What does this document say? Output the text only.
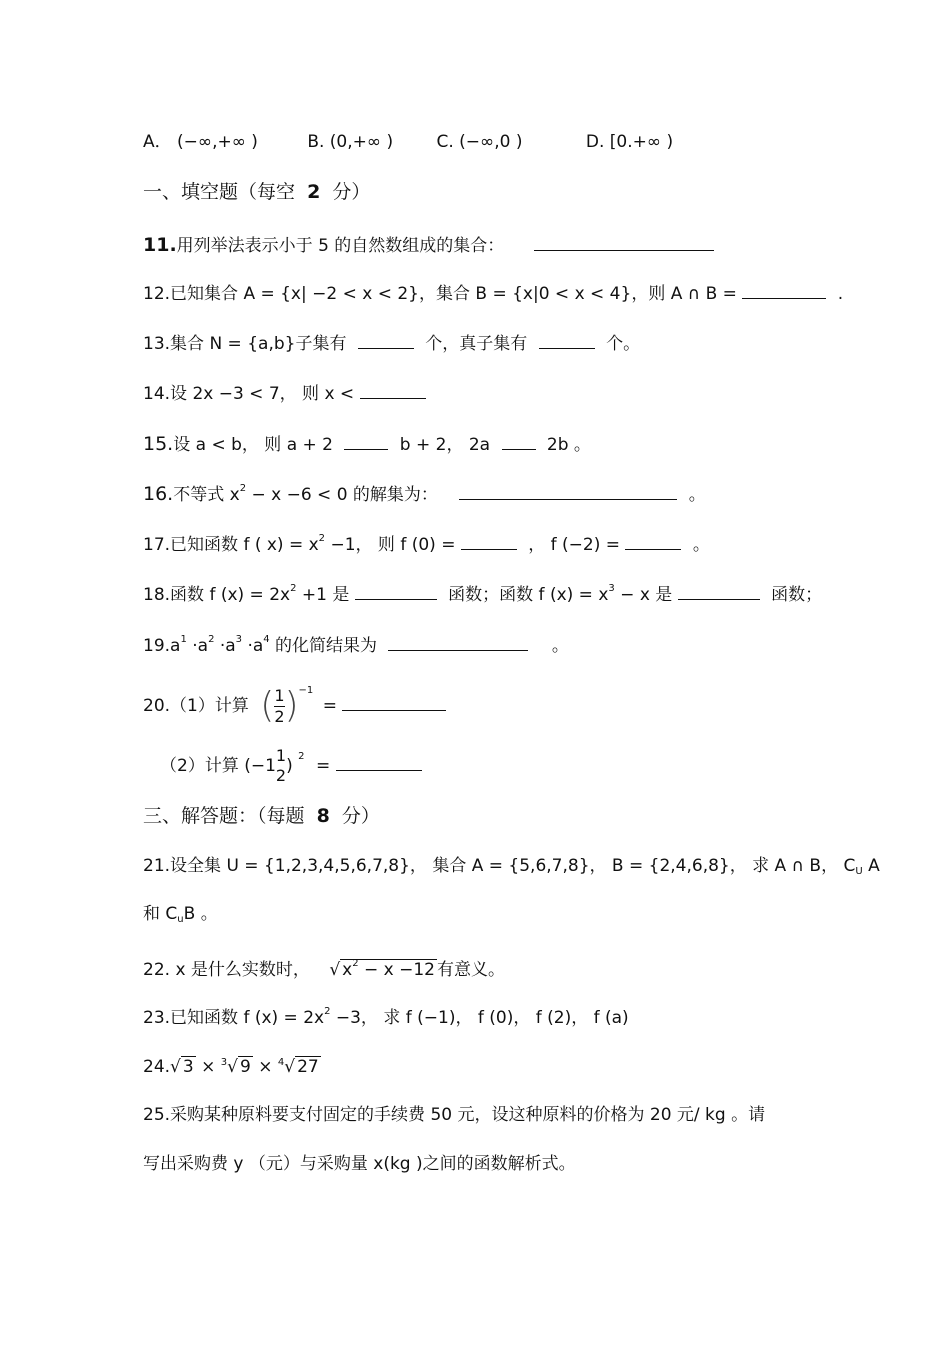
A． (−∞,+∞ )	B. (0,+∞ )	C. (−∞,0 )	D. [0.+∞ )
一、填空题（每空 2 分）
11.用列举法表示小于 5 的自然数组成的集合：
12.已知集合 A = {x| −2 < x < 2}，集合 B = {x|0 < x < 4}，则 A ∩ B =	.
13.集合 N = {a,b}子集有	个，真子集有	个。
14.设 2x −3 < 7， 则 x <
15.设 a < b， 则 a + 2	b + 2， 2a	2b 。
16.不等式 $x^2 - x -6 < 0$ 的解集为：	。
17.已知函数 f ( $x) = x^2 -1$， 则 f (0) =	， f (−2) =	。
18.函数 f $(x) = 2x^2 +1$ 是	函数；函数 f $(x) = x^3 - x$ 是	函数；
$19.a^1 \cdot a^2 \cdot a^3 \cdot a^4$ 的化简结果为	。
20.（1）计算 ( $\frac{1}{2} )^{-1}$ =
（2）计算 (−1
1
2 ) $^2$ =
三、解答题：（每题 8 分）
21.设全集 U = {1,2,3,4,5,6,7,8}， 集合 A = {5,6,7,8}， B = {2,4,6,8}， 求 A ∩ B， $C_U$ A
和 $C_uB$ 。
22. x 是什么实数时， √ $x^2 - x -12$ 有意义。
23.已知函数 f $(x) = 2x^2 -3$， 求 f (−1)， f (0)， f (2)， f (a)
24.√ 3 × $^3$√ 9 × $^4$√ 27
25.采购某种原料要支付固定的手续费 50 元，设这种原料的价格为 20 元/ kg 。请
写出采购费 y （元）与采购量 x(kg )之间的函数解析式。
